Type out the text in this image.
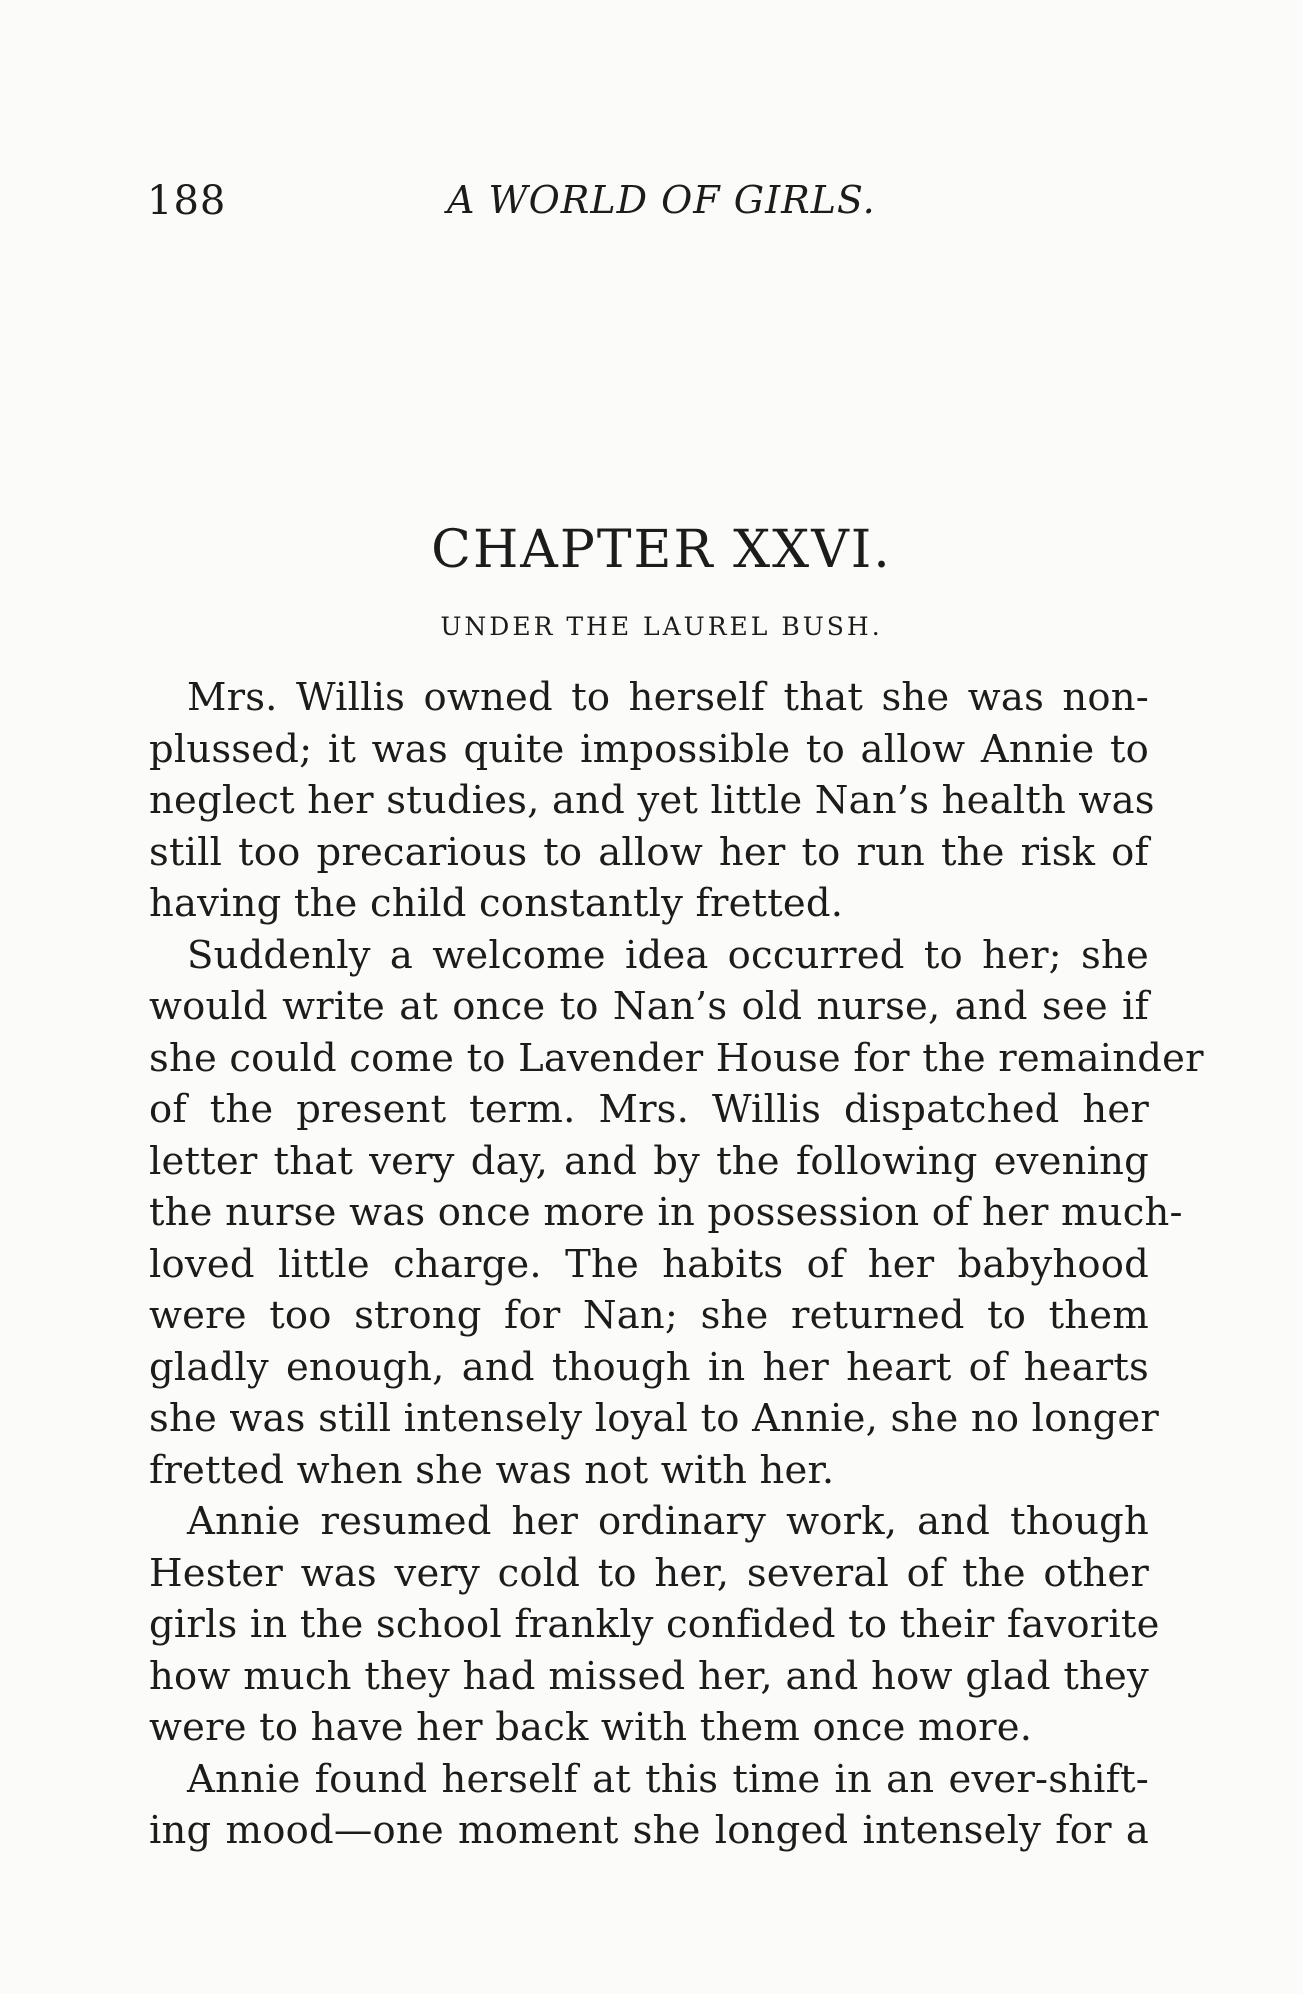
188	A WORLD OF GIRLS.
CHAPTER XXVI.
UNDER THE LAUREL BUSH.

Mrs. Willis owned to herself that she was non-
plussed; it was quite impossible to allow Annie to
neglect her studies, and yet little Nan’s health was
still too precarious to allow her to run the risk of
having the child constantly fretted.

Suddenly a welcome idea occurred to her; she
would write at once to Nan’s old nurse, and see if
she could come to Lavender House for the remainder
of the present term. Mrs. Willis dispatched her
letter that very day, and by the following evening
the nurse was once more in possession of her much-
loved little charge. The habits of her babyhood
were too strong for Nan; she returned to them
gladly enough, and though in her heart of hearts
she was still intensely loyal to Annie, she no longer
fretted when she was not with her.

Annie resumed her ordinary work, and though
Hester was very cold to her, several of the other
girls in the school frankly confided to their favorite
how much they had missed her, and how glad they
were to have her back with them once more.

Annie found herself at this time in an ever-shift-
ing mood—one moment she longed intensely for a
